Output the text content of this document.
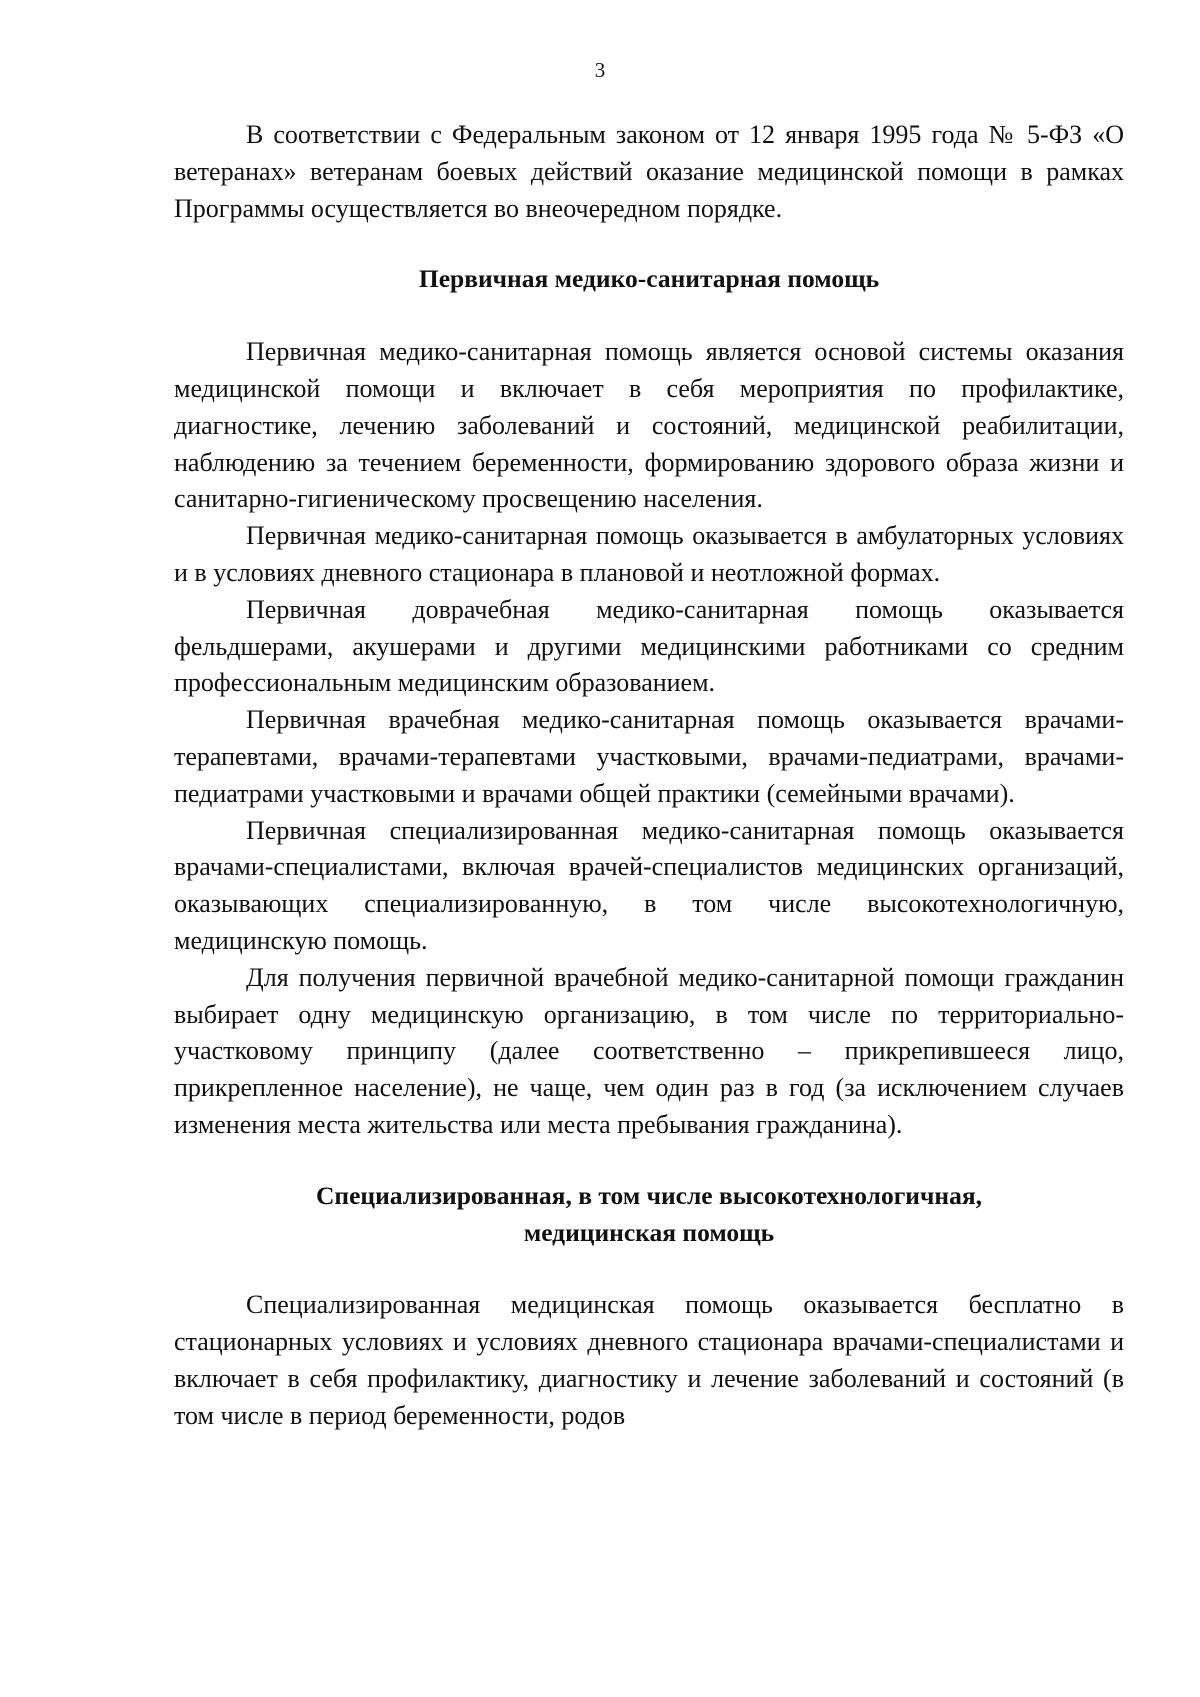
3

В соответствии с Федеральным законом от 12 января 1995 года № 5-ФЗ «О ветеранах» ветеранам боевых действий оказание медицинской помощи в рамках Программы осуществляется во внеочередном порядке.

Первичная медико-санитарная помощь

Первичная медико-санитарная помощь является основой системы оказания медицинской помощи и включает в себя мероприятия по профилактике, диагностике, лечению заболеваний и состояний, медицинской реабилитации, наблюдению за течением беременности, формированию здорового образа жизни и санитарно-гигиеническому просвещению населения.

Первичная медико-санитарная помощь оказывается в амбулаторных условиях и в условиях дневного стационара в плановой и неотложной формах.

Первичная доврачебная медико-санитарная помощь оказывается фельдшерами, акушерами и другими медицинскими работниками со средним профессиональным медицинским образованием.

Первичная врачебная медико-санитарная помощь оказывается врачами-терапевтами, врачами-терапевтами участковыми, врачами-педиатрами, врачами-педиатрами участковыми и врачами общей практики (семейными врачами).

Первичная специализированная медико-санитарная помощь оказывается врачами-специалистами, включая врачей-специалистов медицинских организаций, оказывающих специализированную, в том числе высокотехнологичную, медицинскую помощь.

Для получения первичной врачебной медико-санитарной помощи гражданин выбирает одну медицинскую организацию, в том числе по территориально-участковому принципу (далее соответственно – прикрепившееся лицо, прикрепленное население), не чаще, чем один раз в год (за исключением случаев изменения места жительства или места пребывания гражданина).

Специализированная, в том числе высокотехнологичная,
медицинская помощь

Специализированная медицинская помощь оказывается бесплатно в стационарных условиях и условиях дневного стационара врачами-специалистами и включает в себя профилактику, диагностику и лечение заболеваний и состояний (в том числе в период беременности, родов
